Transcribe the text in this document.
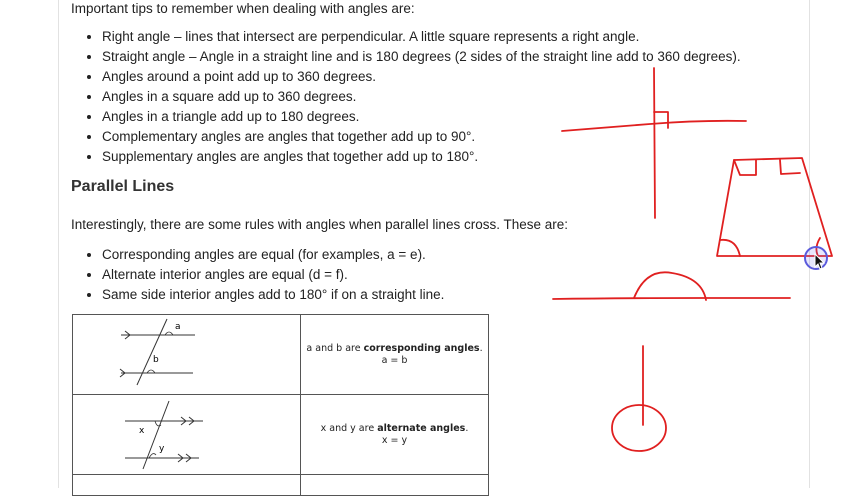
Important tips to remember when dealing with angles are:

• Right angle – lines that intersect are perpendicular. A little square represents a right angle.
• Straight angle – Angle in a straight line and is 180 degrees (2 sides of the straight line add to 360 degrees).
• Angles around a point add up to 360 degrees.
• Angles in a square add up to 360 degrees.
• Angles in a triangle add up to 180 degrees.
• Complementary angles are angles that together add up to 90°.
• Supplementary angles are angles that together add up to 180°.
Parallel Lines

Interestingly, there are some rules with angles when parallel lines cross. These are:

• Corresponding angles are equal (for examples, a = e).
• Alternate interior angles are equal (d = f).
• Same side interior angles add to 180° if on a straight line.
a
b	a and b are corresponding angles.
a = b

x
y	x and y are alternate angles.
x = y
